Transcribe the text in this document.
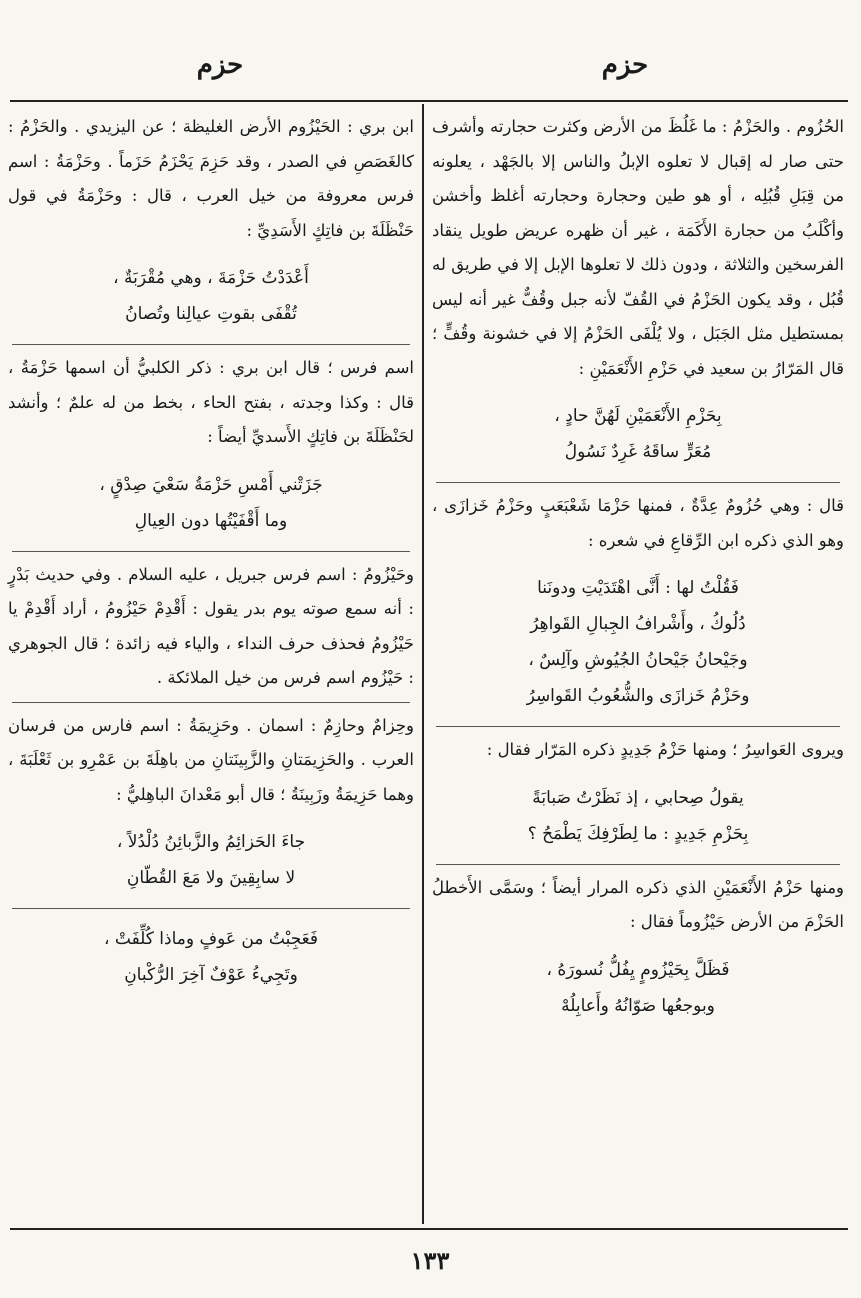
حزم
حزم

الحُزُوم . والحَزْمُ : ما غَلُظَ من الأرض وكثرت حجارته وأشرف حتى صار له إقبال لا تعلوه الإبلُ والناس إلا بالجَهْد ، يعلونه من قِبَلِ قُبُلِه ، أو هو طين وحجارة وحجارته أغلظ وأخشن وأكْلَبُ من حجارة الأَكَمَة ، غير أن ظهره عريض طويل ينقاد الفرسخين والثلاثة ، ودون ذلك لا تعلوها الإبل إلا في طريق له قُبُل ، وقد يكون الحَزْمُ في القُفّ لأنه جبل وقُفٌّ غير أنه ليس بمستطيل مثل الجَبَل ، ولا يُلْفَى الحَزْمُ إلا في خشونة وقُفٍّ ؛ قال المَرّارُ بن سعيد في حَزْمِ الأَنْعَمَيْنِ :

بِحَزْمِ الأَنْعَمَيْنِ لَهُنَّ حادٍ ،

مُعَرٍّ ساقَهُ غَرِدٌ نَسُولُ

قال : وهي حُزُومٌ عِدَّةٌ ، فمنها حَزْمَا شَعْبَعَبٍ وحَزْمُ خَزازَى ، وهو الذي ذكره ابن الرِّقاعِ في شعره :

فَقُلْتُ لها : أَنَّى اهْتَدَيْتِ ودونَنا

دُلُوكُ ، وأَشْرافُ الجِبالِ القَواهِرُ

وجَيْحانُ جَيْحانُ الجُيُوشِ وآلِسٌ ،

وحَزْمُ خَزازَى والشُّعُوبُ القَواسِرُ

ويروى العَواسِرُ ؛ ومنها حَزْمُ جَدِيدٍ ذكره المَرّار فقال :

يقولُ صِحابي ، إذ نَظَرْتُ صَبابَةً

بِحَزْمِ جَدِيدٍ : ما لِطَرْفِكَ يَطْمَحُ ؟

ومنها حَزْمُ الأَنْعَمَيْنِ الذي ذكره المرار أيضاً ؛ وسَمَّى الأَخطلُ الحَزْمَ من الأرض حَيْزُوماً فقال :

فَظَلَّ بِحَيْزُومٍ يِفُلُّ نُسورَهُ ،

وبوجعُها صَوّانُهُ وأَعابِلُهْ

ابن بري : الحَيْزُوم الأرض الغليظة ؛ عن اليزيدي . والحَزْمُ : كالغَصَصِ في الصدر ، وقد حَزِمَ يَحْزَمُ حَزَماً . وحَزْمَةُ : اسم فرس معروفة من خيل العرب ، قال : وحَزْمَةُ في قول حَنْظَلَةَ بن فاتِكٍ الأَسَدِيِّ :

أَعْدَدْتُ حَزْمَةَ ، وهي مُقْرَبَةٌ ،

تُقْفَى بقوتِ عيالِنا وتُصانُ

اسم فرس ؛ قال ابن بري : ذكر الكلبيُّ أن اسمها حَزْمَةُ ، قال : وكذا وجدته ، بفتح الحاء ، بخط من له علمٌ ؛ وأنشد لحَنْظَلَةَ بن فاتِكٍ الأَسديِّ أيضاً :

جَزَتْني أَمْسِ حَزْمَةُ سَعْيَ صِدْقٍ ،

وما أَقْفَيْتُها دون العِيالِ

وحَيْزُومُ : اسم فرس جبريل ، عليه السلام . وفي حديث بَدْرٍ : أنه سمع صوته يوم بدر يقول : أَقْدِمْ حَيْزُومُ ، أراد أَقْدِمْ يا حَيْزُومُ فحذف حرف النداء ، والياء فيه زائدة ؛ قال الجوهري : حَيْزُوم اسم فرس من خيل الملائكة .

وحِزامٌ وحازِمٌ : اسمان . وحَزِيمَةُ : اسم فارس من فرسان العرب . والحَزِيمَتانِ والزَّبِينَتانِ من باهِلَةَ بن عَمْرِو بن ثَعْلَبَةَ ، وهما حَزِيمَةُ وزَبِينَةُ ؛ قال أبو مَعْدانَ الباهِليُّ :

جاءَ الحَزائِمُ والزَّبائِنُ دُلْدُلاً ،

لا سابِقِينَ ولا مَعَ القُطّانِ

فَعَجِبْتُ من عَوفٍ وماذا كُلِّفَتْ ،

وتَجِيءُ عَوْفٌ آخِرَ الرُّكْبانِ

١٣٣
